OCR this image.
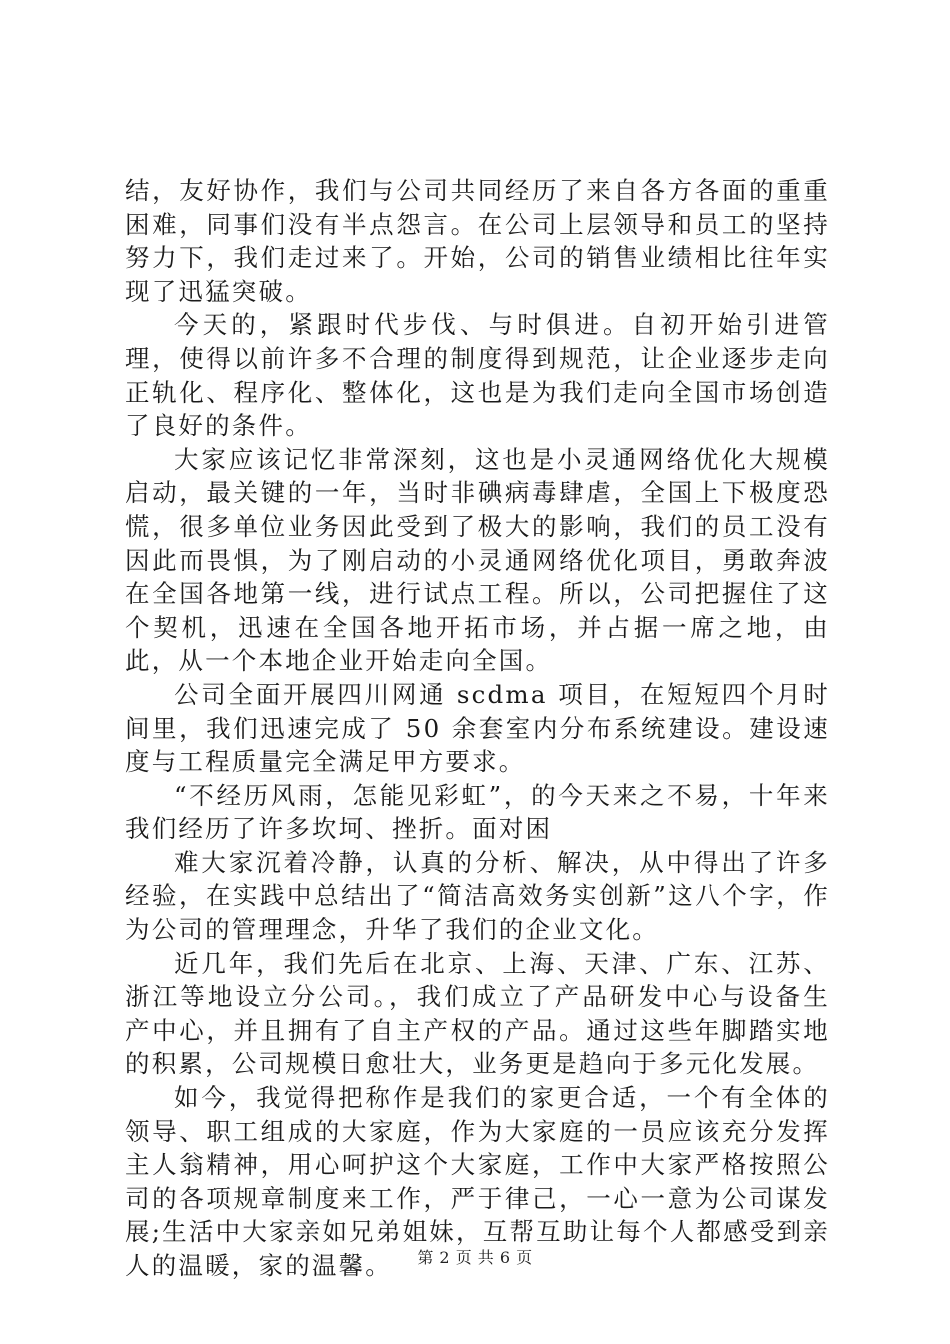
结，友好协作，我们与公司共同经历了来自各方各面的重重困难，同事们没有半点怨言。在公司上层领导和员工的坚持努力下，我们走过来了。开始，公司的销售业绩相比往年实现了迅猛突破。

今天的，紧跟时代步伐、与时俱进。自初开始引进管理，使得以前许多不合理的制度得到规范，让企业逐步走向正轨化、程序化、整体化，这也是为我们走向全国市场创造了良好的条件。

大家应该记忆非常深刻，这也是小灵通网络优化大规模启动，最关键的一年，当时非碘病毒肆虐，全国上下极度恐慌，很多单位业务因此受到了极大的影响，我们的员工没有因此而畏惧，为了刚启动的小灵通网络优化项目，勇敢奔波在全国各地第一线，进行试点工程。所以，公司把握住了这个契机，迅速在全国各地开拓市场，并占据一席之地，由此，从一个本地企业开始走向全国。

公司全面开展四川网通 scdma 项目，在短短四个月时间里，我们迅速完成了 50 余套室内分布系统建设。建设速度与工程质量完全满足甲方要求。

“不经历风雨，怎能见彩虹”，的今天来之不易，十年来我们经历了许多坎坷、挫折。面对困

难大家沉着冷静，认真的分析、解决，从中得出了许多经验，在实践中总结出了“简洁高效务实创新”这八个字，作为公司的管理理念，升华了我们的企业文化。

近几年，我们先后在北京、上海、天津、广东、江苏、浙江等地设立分公司。，我们成立了产品研发中心与设备生产中心，并且拥有了自主产权的产品。通过这些年脚踏实地的积累，公司规模日愈壮大，业务更是趋向于多元化发展。

如今，我觉得把称作是我们的家更合适，一个有全体的领导、职工组成的大家庭，作为大家庭的一员应该充分发挥主人翁精神，用心呵护这个大家庭，工作中大家严格按照公司的各项规章制度来工作，严于律己，一心一意为公司谋发展;生活中大家亲如兄弟姐妹，互帮互助让每个人都感受到亲人的温暖，家的温馨。	第 2 页 共 6 页
